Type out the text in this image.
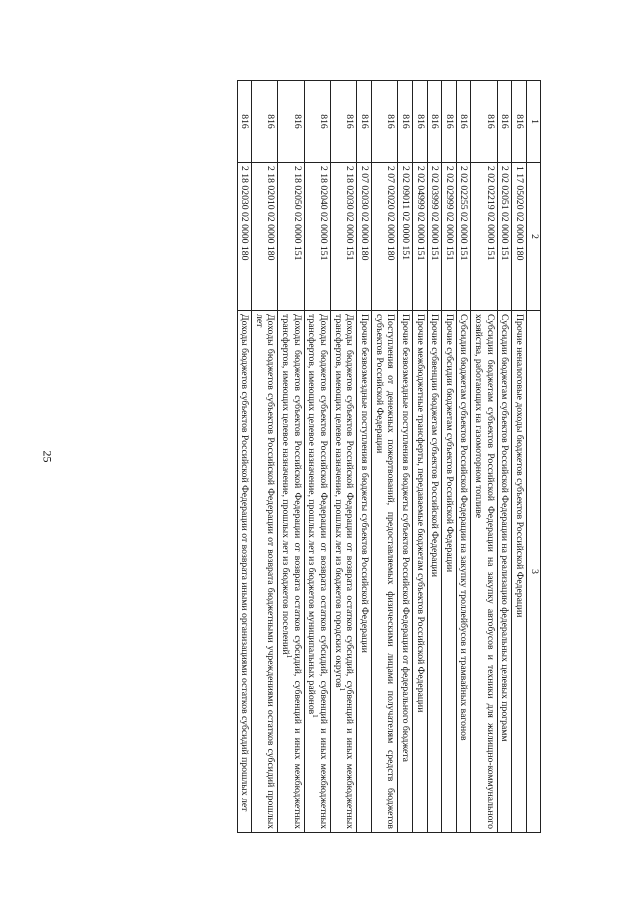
25
1	2	3
816	1 17 05020 02 0000 180	Прочие неналоговые доходы бюджетов субъектов Российской Федерации
816	2 02 02051 02 0000 151	Субсидии бюджетам субъектов Российской Федерации на реализацию федеральных целевых программ
816	2 02 02219 02 0000 151	Субсидии бюджетам субъектов Российской Федерации на закупку автобусов и техники для жилищно-коммунального хозяйства, работающих на газомоторном топливе
816	2 02 02255 02 0000 151	Субсидии бюджетам субъектов Российской Федерации на закупку троллейбусов и трамвайных вагонов
816	2 02 02999 02 0000 151	Прочие субсидии бюджетам субъектов Российской Федерации
816	2 02 03999 02 0000 151	Прочие субвенции бюджетам субъектов Российской Федерации
816	2 02 04999 02 0000 151	Прочие межбюджетные трансферты, передаваемые бюджетам субъектов Российской Федерации
816	2 02 09011 02 0000 151	Прочие безвозмездные поступления в бюджеты субъектов Российской Федерации от федерального бюджета
816	2 07 02020 02 0000 180	Поступления от денежных пожертвований, предоставляемых физическими лицами получателям средств бюджетов субъектов Российской Федерации
816	2 07 02030 02 0000 180	Прочие безвозмездные поступления в бюджеты субъектов Российской Федерации
816	2 18 02030 02 0000 151	Доходы бюджетов субъектов Российской Федерации от возврата остатков субсидий, субвенций и иных межбюджетных трансфертов, имеющих целевое назначение, прошлых лет из бюджетов городских округов$^1$
816	2 18 02040 02 0000 151	Доходы бюджетов субъектов Российской Федерации от возврата остатков субсидий, субвенций и иных межбюджетных трансфертов, имеющих целевое назначение, прошлых лет из бюджетов муниципальных районов$^1$
816	2 18 02050 02 0000 151	Доходы бюджетов субъектов Российской Федерации от возврата остатков субсидий, субвенций и иных межбюджетных трансфертов, имеющих целевое назначение, прошлых лет из бюджетов поселений$^1$
816	2 18 02010 02 0000 180	Доходы бюджетов субъектов Российской Федерации от возврата бюджетными учреждениями остатков субсидий прошлых лет
816	2 18 02030 02 0000 180	Доходы бюджетов субъектов Российской Федерации от возврата иными организациями остатков субсидий прошлых лет
